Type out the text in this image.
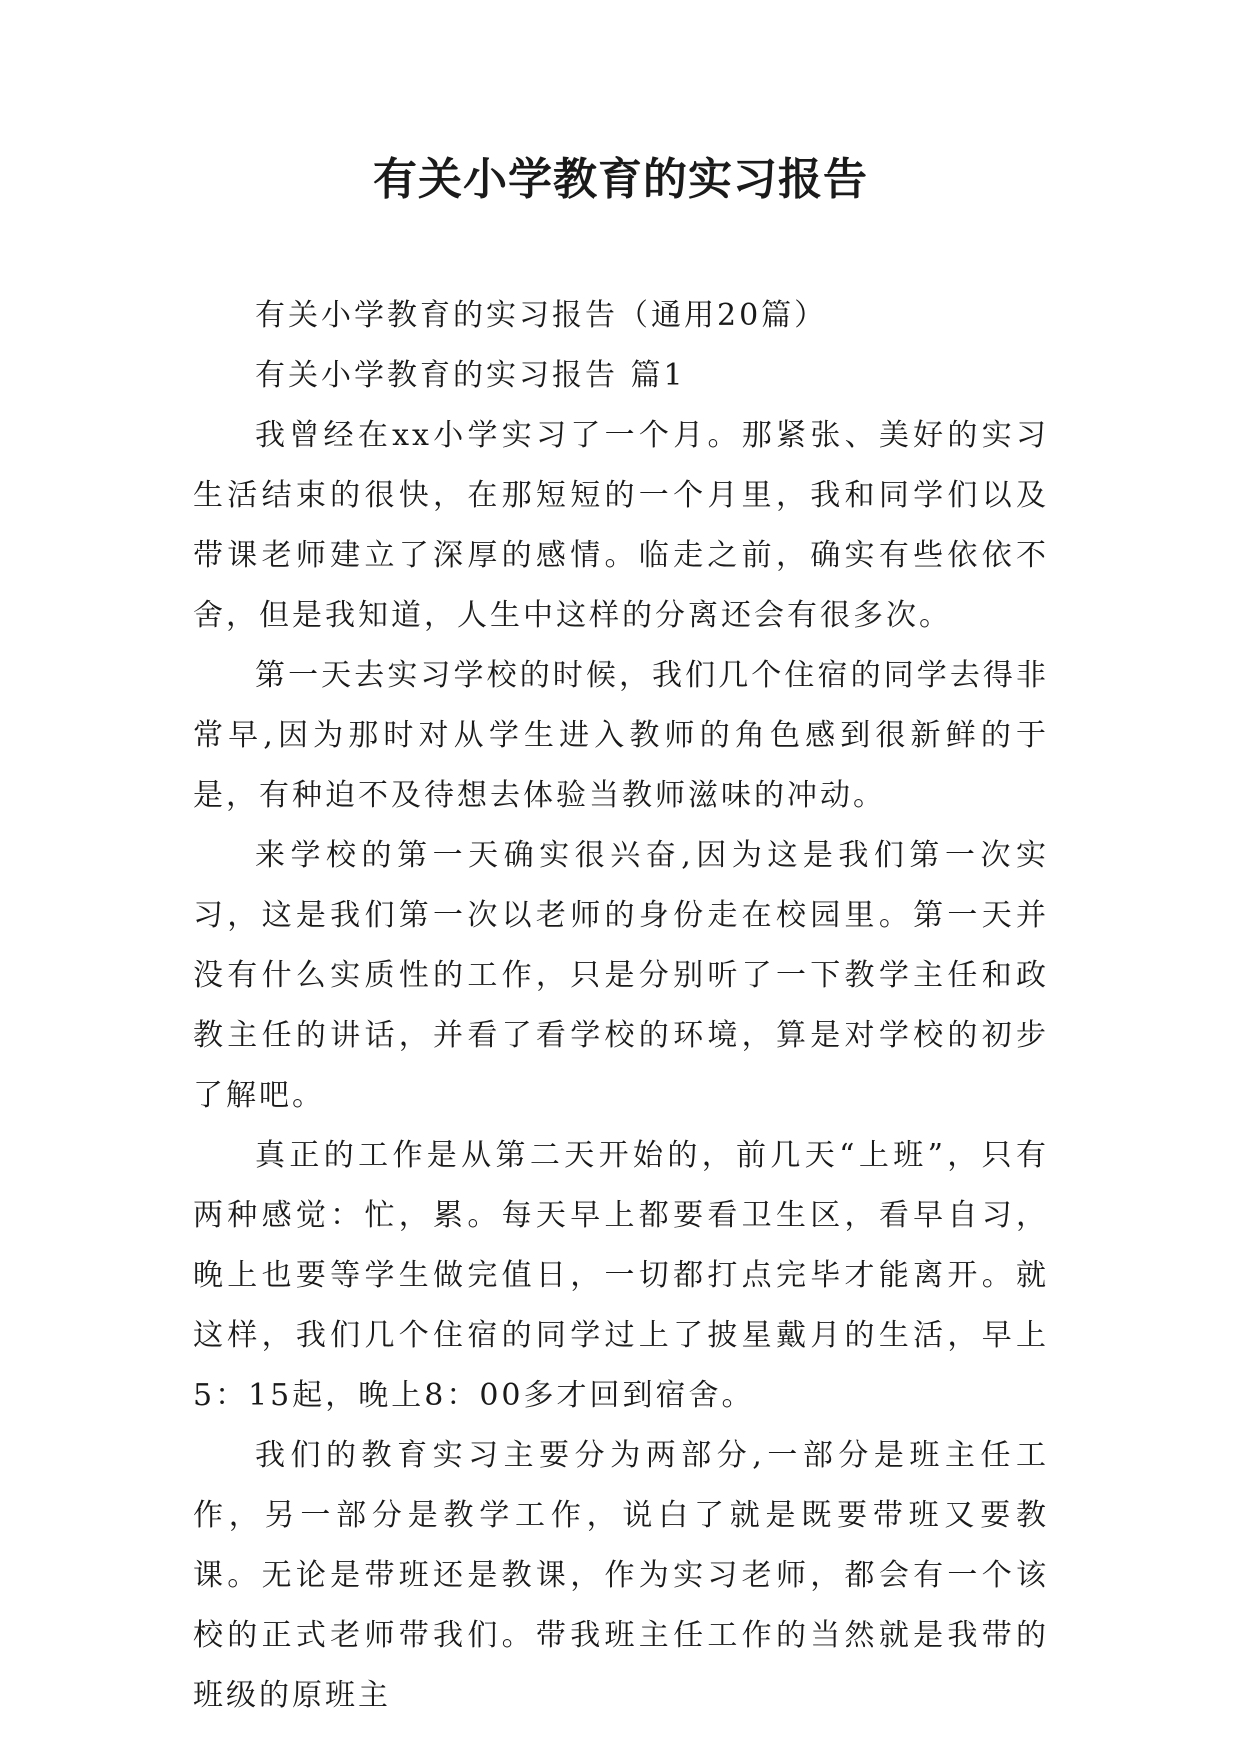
有关小学教育的实习报告

有关小学教育的实习报告（通用20篇）

有关小学教育的实习报告 篇1

我曾经在xx小学实习了一个月。那紧张、美好的实习生活结束的很快，在那短短的一个月里，我和同学们以及带课老师建立了深厚的感情。临走之前，确实有些依依不舍，但是我知道，人生中这样的分离还会有很多次。

第一天去实习学校的时候，我们几个住宿的同学去得非常早,因为那时对从学生进入教师的角色感到很新鲜的于是，有种迫不及待想去体验当教师滋味的冲动。

来学校的第一天确实很兴奋,因为这是我们第一次实习，这是我们第一次以老师的身份走在校园里。第一天并没有什么实质性的工作，只是分别听了一下教学主任和政教主任的讲话，并看了看学校的环境，算是对学校的初步了解吧。

真正的工作是从第二天开始的，前几天“上班”，只有两种感觉：忙，累。每天早上都要看卫生区，看早自习，晚上也要等学生做完值日，一切都打点完毕才能离开。就这样，我们几个住宿的同学过上了披星戴月的生活，早上5：15起，晚上8：00多才回到宿舍。

我们的教育实习主要分为两部分,一部分是班主任工作，另一部分是教学工作，说白了就是既要带班又要教课。无论是带班还是教课，作为实习老师，都会有一个该校的正式老师带我们。带我班主任工作的当然就是我带的班级的原班主
